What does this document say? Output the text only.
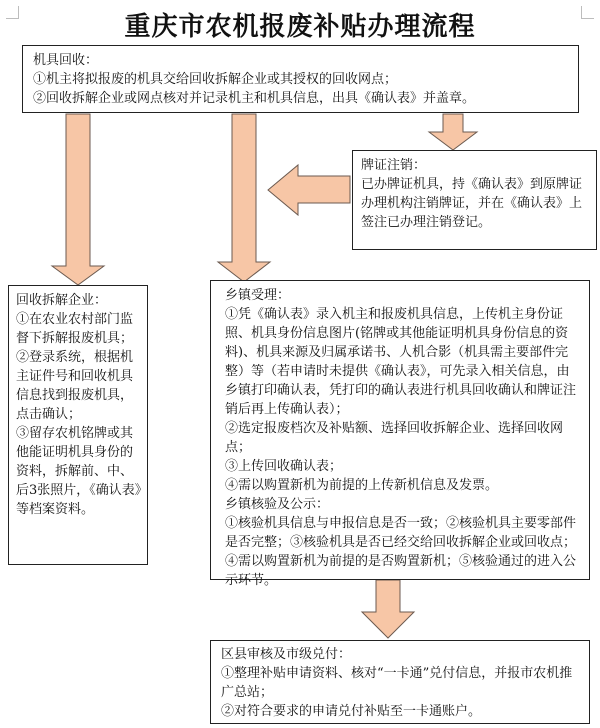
重庆市农机报废补贴办理流程

机具回收：

①机主将拟报废的机具交给回收拆解企业或其授权的回收网点；

②回收拆解企业或网点核对并记录机主和机具信息，出具《确认表》并盖章。

牌证注销：

已办牌证机具，持《确认表》到原牌证办理机构注销牌证，并在《确认表》上签注已办理注销登记。

回收拆解企业：

①在农业农村部门监督下拆解报废机具；

②登录系统，根据机主证件号和回收机具信息找到报废机具，点击确认；

③留存农机铭牌或其他能证明机具身份的资料，拆解前、中、后3张照片，《确认表》等档案资料。

乡镇受理：

①凭《确认表》录入机主和报废机具信息，上传机主身份证照、机具身份信息图片(铭牌或其他能证明机具身份信息的资料)、机具来源及归属承诺书、人机合影（机具需主要部件完整）等（若申请时未提供《确认表》，可先录入相关信息，由乡镇打印确认表，凭打印的确认表进行机具回收确认和牌证注销后再上传确认表）；

②选定报废档次及补贴额、选择回收拆解企业、选择回收网点；

③上传回收确认表；

④需以购置新机为前提的上传新机信息及发票。

乡镇核验及公示：

①核验机具信息与申报信息是否一致；②核验机具主要零部件是否完整；③核验机具是否已经交给回收拆解企业或回收点；④需以购置新机为前提的是否购置新机；⑤核验通过的进入公示环节。

区县审核及市级兑付：

①整理补贴申请资料、核对“一卡通”兑付信息，并报市农机推广总站；

②对符合要求的申请兑付补贴至一卡通账户。
